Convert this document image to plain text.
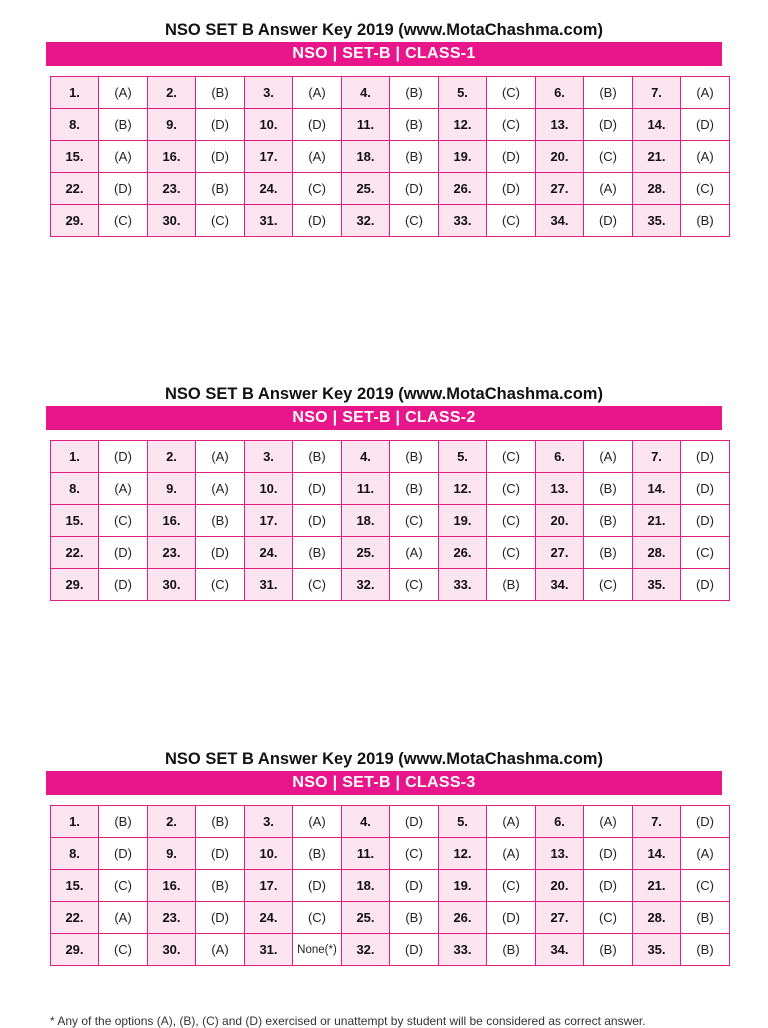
NSO SET B Answer Key 2019 (www.MotaChashma.com)
NSO | SET-B | CLASS-1
1.	(A)	2.	(B)	3.	(A)	4.	(B)	5.	(C)	6.	(B)	7.	(A)
8.	(B)	9.	(D)	10.	(D)	11.	(B)	12.	(C)	13.	(D)	14.	(D)
15.	(A)	16.	(D)	17.	(A)	18.	(B)	19.	(D)	20.	(C)	21.	(A)
22.	(D)	23.	(B)	24.	(C)	25.	(D)	26.	(D)	27.	(A)	28.	(C)
29.	(C)	30.	(C)	31.	(D)	32.	(C)	33.	(C)	34.	(D)	35.	(B)
NSO SET B Answer Key 2019 (www.MotaChashma.com)
NSO | SET-B | CLASS-2
1.	(D)	2.	(A)	3.	(B)	4.	(B)	5.	(C)	6.	(A)	7.	(D)
8.	(A)	9.	(A)	10.	(D)	11.	(B)	12.	(C)	13.	(B)	14.	(D)
15.	(C)	16.	(B)	17.	(D)	18.	(C)	19.	(C)	20.	(B)	21.	(D)
22.	(D)	23.	(D)	24.	(B)	25.	(A)	26.	(C)	27.	(B)	28.	(C)
29.	(D)	30.	(C)	31.	(C)	32.	(C)	33.	(B)	34.	(C)	35.	(D)
NSO SET B Answer Key 2019 (www.MotaChashma.com)
NSO | SET-B | CLASS-3
1.	(B)	2.	(B)	3.	(A)	4.	(D)	5.	(A)	6.	(A)	7.	(D)
8.	(D)	9.	(D)	10.	(B)	11.	(C)	12.	(A)	13.	(D)	14.	(A)
15.	(C)	16.	(B)	17.	(D)	18.	(D)	19.	(C)	20.	(D)	21.	(C)
22.	(A)	23.	(D)	24.	(C)	25.	(B)	26.	(D)	27.	(C)	28.	(B)
29.	(C)	30.	(A)	31.	None(*)	32.	(D)	33.	(B)	34.	(B)	35.	(B)
* Any of the options (A), (B), (C) and (D) exercised or unattempt by student will be considered as correct answer.
